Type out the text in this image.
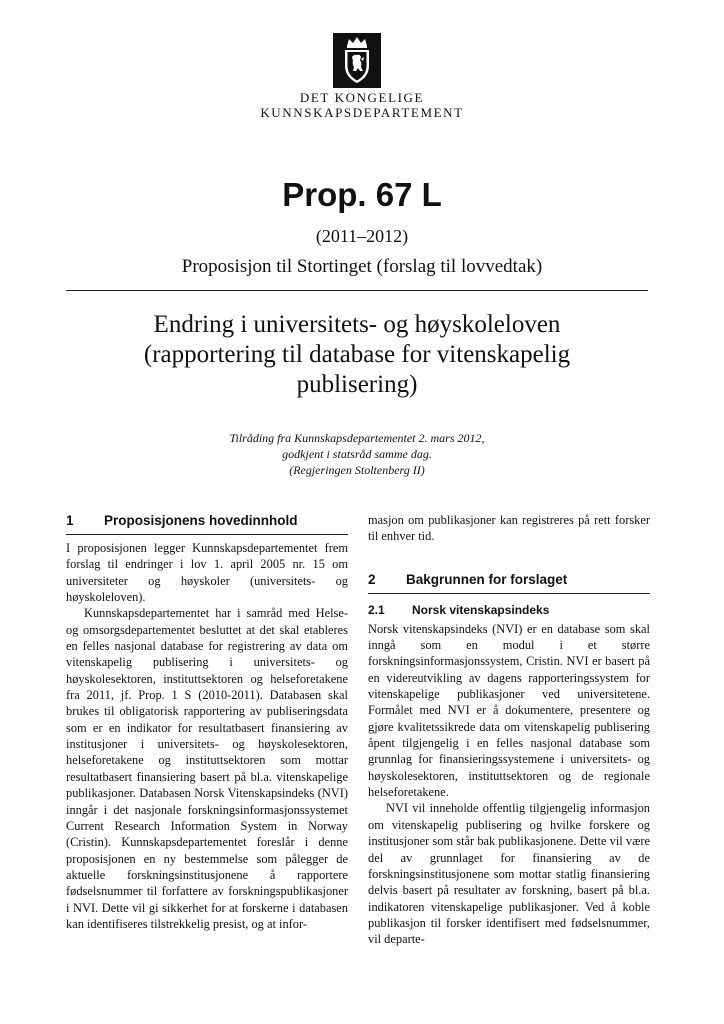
DET KONGELIGE
KUNNSKAPSDEPARTEMENT
Prop. 67 L
(2011–2012)
Proposisjon til Stortinget (forslag til lovvedtak)
Endring i universitets- og høyskoleloven
(rapportering til database for vitenskapelig
publisering)
Tilråding fra Kunnskapsdepartementet 2. mars 2012,
godkjent i statsråd samme dag.
(Regjeringen Stoltenberg II)
1 Proposisjonens hovedinnhold

I proposisjonen legger Kunnskapsdepartementet frem forslag til endringer i lov 1. april 2005 nr. 15 om universiteter og høyskoler (universitets- og høyskoleloven).

Kunnskapsdepartementet har i samråd med Helse- og omsorgsdepartementet besluttet at det skal etableres en felles nasjonal database for registrering av data om vitenskapelig publisering i universitets- og høyskolesektoren, instituttsektoren og helseforetakene fra 2011, jf. Prop. 1 S (2010-2011). Databasen skal brukes til obligatorisk rapportering av publiseringsdata som er en indikator for resultatbasert finansiering av institusjoner i universitets- og høyskolesektoren, helseforetakene og instituttsektoren som mottar resultatbasert finansiering basert på bl.a. vitenskapelige publikasjoner. Databasen Norsk Vitenskapsindeks (NVI) inngår i det nasjonale forskningsinformasjonssystemet Current Research Information System in Norway (Cristin). Kunnskapsdepartementet foreslår i denne proposisjonen en ny bestemmelse som pålegger de aktuelle forskningsinstitusjonene å rapportere fødselsnummer til forfattere av forskningspublikasjoner i NVI. Dette vil gi sikkerhet for at forskerne i databasen kan identifiseres tilstrekkelig presist, og at infor-

masjon om publikasjoner kan registreres på rett forsker til enhver tid.

2 Bakgrunnen for forslaget
2.1 Norsk vitenskapsindeks

Norsk vitenskapsindeks (NVI) er en database som skal inngå som en modul i et større forskningsinformasjonssystem, Cristin. NVI er basert på en videreutvikling av dagens rapporteringssystem for vitenskapelige publikasjoner ved universitetene. Formålet med NVI er å dokumentere, presentere og gjøre kvalitetssikrede data om vitenskapelig publisering åpent tilgjengelig i en felles nasjonal database som grunnlag for finansieringssystemene i universitets- og høyskolesektoren, instituttsektoren og de regionale helseforetakene.

NVI vil inneholde offentlig tilgjengelig informasjon om vitenskapelig publisering og hvilke forskere og institusjoner som står bak publikasjonene. Dette vil være del av grunnlaget for finansiering av de forskningsinstitusjonene som mottar statlig finansiering delvis basert på resultater av forskning, basert på bl.a. indikatoren vitenskapelige publikasjoner. Ved å koble publikasjon til forsker identifisert med fødselsnummer, vil departe-
